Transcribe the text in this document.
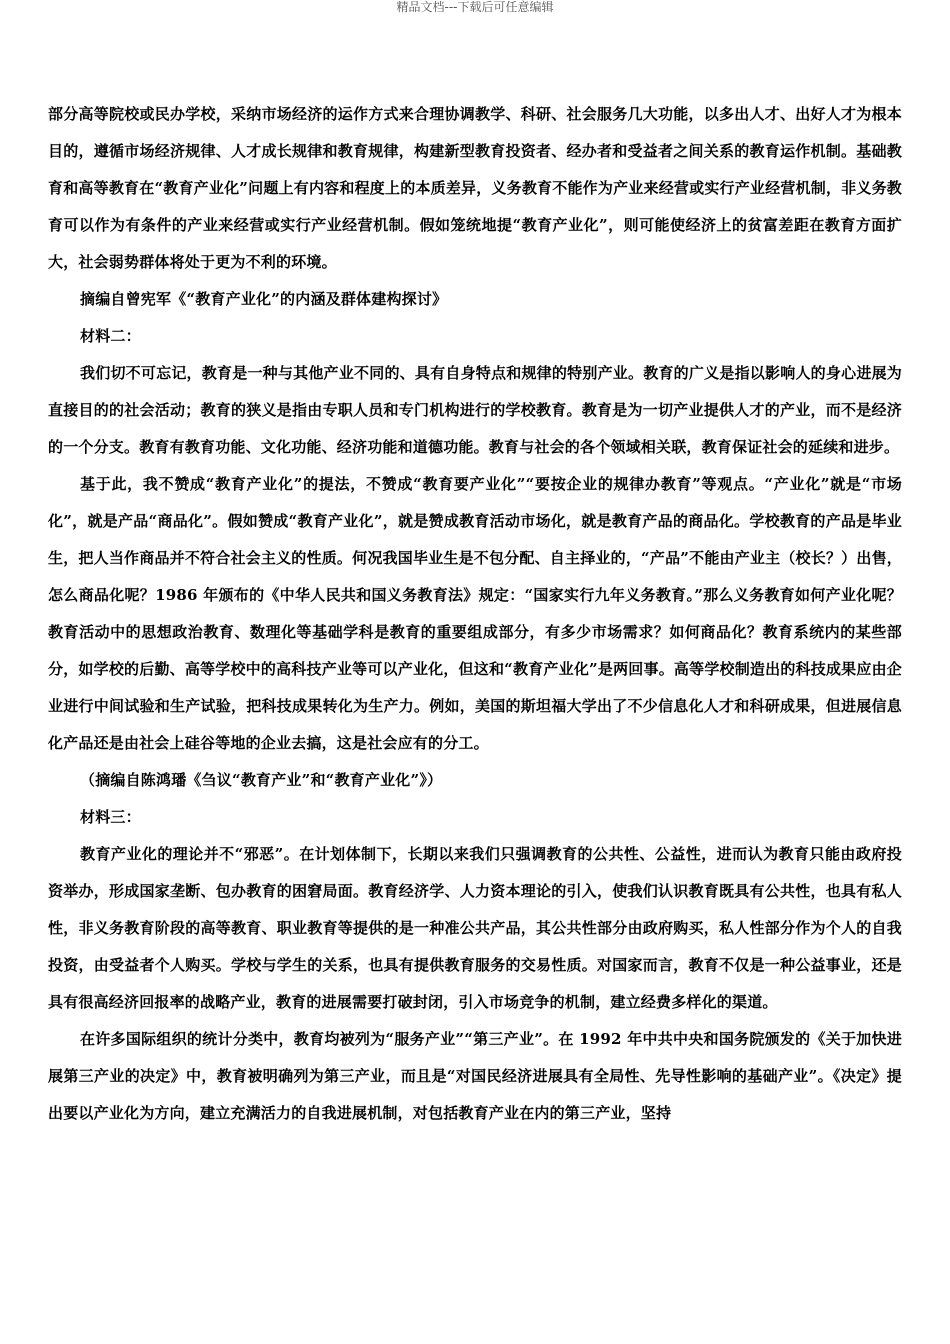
精品文档---下载后可任意编辑

部分高等院校或民办学校，采纳市场经济的运作方式来合理协调教学、科研、社会服务几大功能，以多出人才、出好人才为根本目的，遵循市场经济规律、人才成长规律和教育规律，构建新型教育投资者、经办者和受益者之间关系的教育运作机制。基础教育和高等教育在“教育产业化”问题上有内容和程度上的本质差异，义务教育不能作为产业来经营或实行产业经营机制，非义务教育可以作为有条件的产业来经营或实行产业经营机制。假如笼统地提“教育产业化”，则可能使经济上的贫富差距在教育方面扩大，社会弱势群体将处于更为不利的环境。

摘编自曾宪军《“教育产业化”的内涵及群体建构探讨》

材料二：

我们切不可忘记，教育是一种与其他产业不同的、具有自身特点和规律的特别产业。教育的广义是指以影响人的身心进展为直接目的的社会活动；教育的狭义是指由专职人员和专门机构进行的学校教育。教育是为一切产业提供人才的产业，而不是经济的一个分支。教育有教育功能、文化功能、经济功能和道德功能。教育与社会的各个领域相关联，教育保证社会的延续和进步。

基于此，我不赞成“教育产业化”的提法，不赞成“教育要产业化”“要按企业的规律办教育”等观点。“产业化”就是“市场化”，就是产品“商品化”。假如赞成“教育产业化”，就是赞成教育活动市场化，就是教育产品的商品化。学校教育的产品是毕业生，把人当作商品并不符合社会主义的性质。何况我国毕业生是不包分配、自主择业的，“产品”不能由产业主（校长？）出售，怎么商品化呢？1986 年颁布的《中华人民共和国义务教育法》规定：“国家实行九年义务教育。”那么义务教育如何产业化呢？教育活动中的思想政治教育、数理化等基础学科是教育的重要组成部分，有多少市场需求？如何商品化？教育系统内的某些部分，如学校的后勤、高等学校中的高科技产业等可以产业化，但这和“教育产业化”是两回事。高等学校制造出的科技成果应由企业进行中间试验和生产试验，把科技成果转化为生产力。例如，美国的斯坦福大学出了不少信息化人才和科研成果，但进展信息化产品还是由社会上硅谷等地的企业去搞，这是社会应有的分工。

（摘编自陈鸿璠《刍议“教育产业”和“教育产业化”》）

材料三：

教育产业化的理论并不“邪恶”。在计划体制下，长期以来我们只强调教育的公共性、公益性，进而认为教育只能由政府投资举办，形成国家垄断、包办教育的困窘局面。教育经济学、人力资本理论的引入，使我们认识教育既具有公共性，也具有私人性，非义务教育阶段的高等教育、职业教育等提供的是一种准公共产品，其公共性部分由政府购买，私人性部分作为个人的自我投资，由受益者个人购买。学校与学生的关系，也具有提供教育服务的交易性质。对国家而言，教育不仅是一种公益事业，还是具有很高经济回报率的战略产业，教育的进展需要打破封闭，引入市场竞争的机制，建立经费多样化的渠道。

在许多国际组织的统计分类中，教育均被列为“服务产业”“第三产业”。在 1992 年中共中央和国务院颁发的《关于加快进展第三产业的决定》中，教育被明确列为第三产业，而且是“对国民经济进展具有全局性、先导性影响的基础产业”。《决定》提出要以产业化为方向，建立充满活力的自我进展机制，对包括教育产业在内的第三产业，坚持
